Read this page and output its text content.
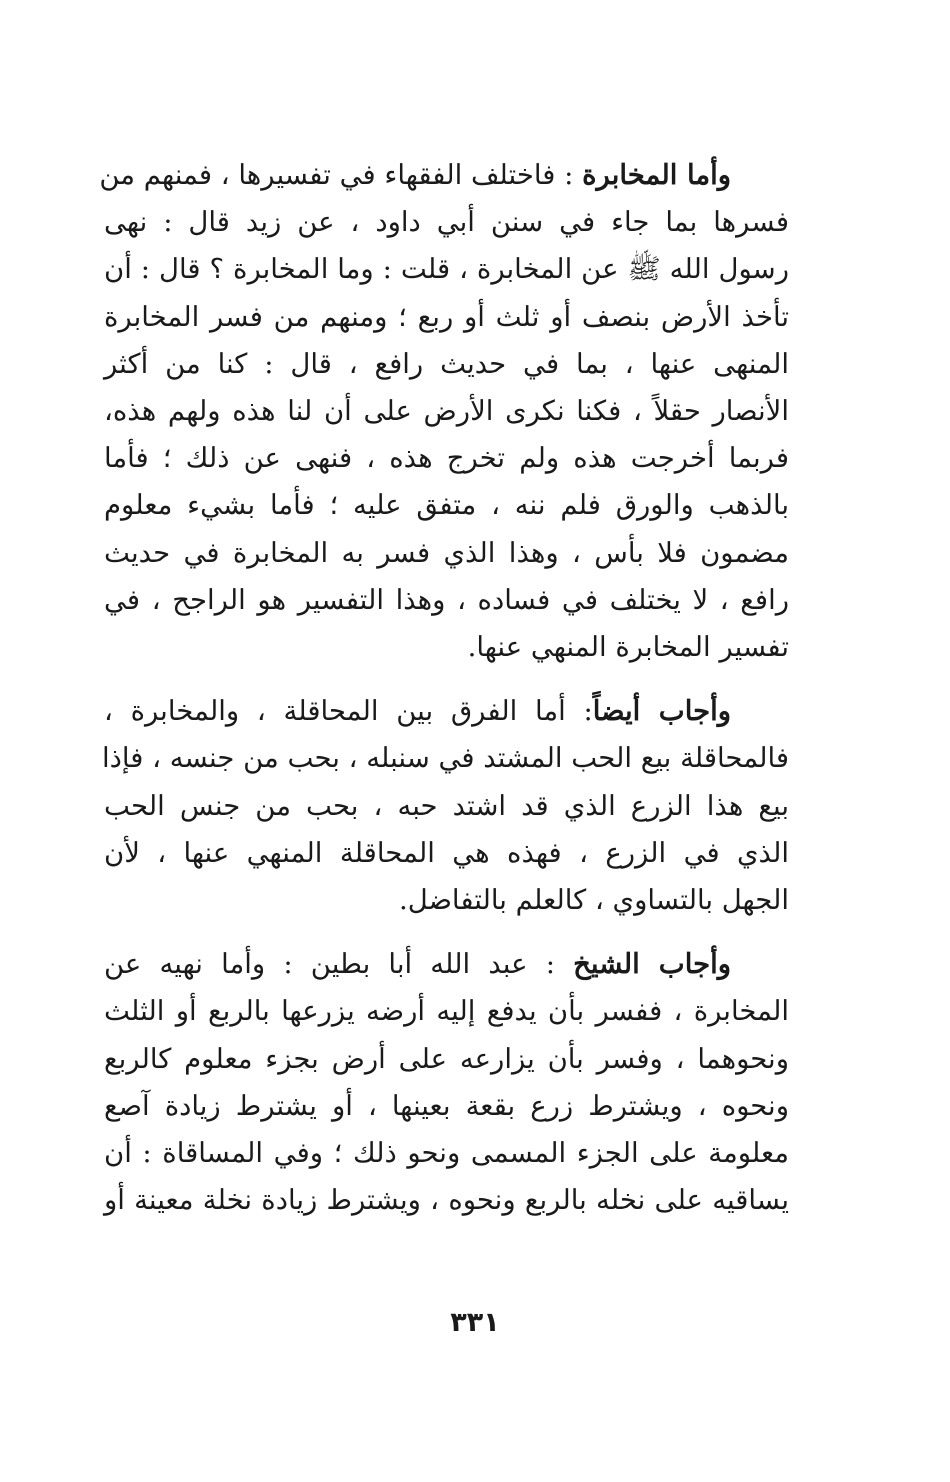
وأما المخابرة : فاختلف الفقهاء في تفسيرها ، فمنهم من
فسرها بما جاء في سنن أبي داود ، عن زيد قال : نهى
رسول الله ﷺ عن المخابرة ، قلت : وما المخابرة ؟ قال : أن
تأخذ الأرض بنصف أو ثلث أو ربع ؛ ومنهم من فسر المخابرة
المنهى عنها ، بما في حديث رافع ، قال : كنا من أكثر
الأنصار حقلاً ، فكنا نكرى الأرض على أن لنا هذه ولهم هذه،
فربما أخرجت هذه ولم تخرج هذه ، فنهى عن ذلك ؛ فأما
بالذهب والورق فلم ننه ، متفق عليه ؛ فأما بشيء معلوم
مضمون فلا بأس ، وهذا الذي فسر به المخابرة في حديث
رافع ، لا يختلف في فساده ، وهذا التفسير هو الراجح ، في
تفسير المخابرة المنهي عنها.

وأجاب أيضاً: أما الفرق بين المحاقلة ، والمخابرة ،
فالمحاقلة بيع الحب المشتد في سنبله ، بحب من جنسه ، فإذا
بيع هذا الزرع الذي قد اشتد حبه ، بحب من جنس الحب
الذي في الزرع ، فهذه هي المحاقلة المنهي عنها ، لأن
الجهل بالتساوي ، كالعلم بالتفاضل.

وأجاب الشيخ : عبد الله أبا بطين : وأما نهيه عن
المخابرة ، ففسر بأن يدفع إليه أرضه يزرعها بالربع أو الثلث
ونحوهما ، وفسر بأن يزارعه على أرض بجزء معلوم كالربع
ونحوه ، ويشترط زرع بقعة بعينها ، أو يشترط زيادة آصع
معلومة على الجزء المسمى ونحو ذلك ؛ وفي المساقاة : أن
يساقيه على نخله بالربع ونحوه ، ويشترط زيادة نخلة معينة أو

٣٣١
